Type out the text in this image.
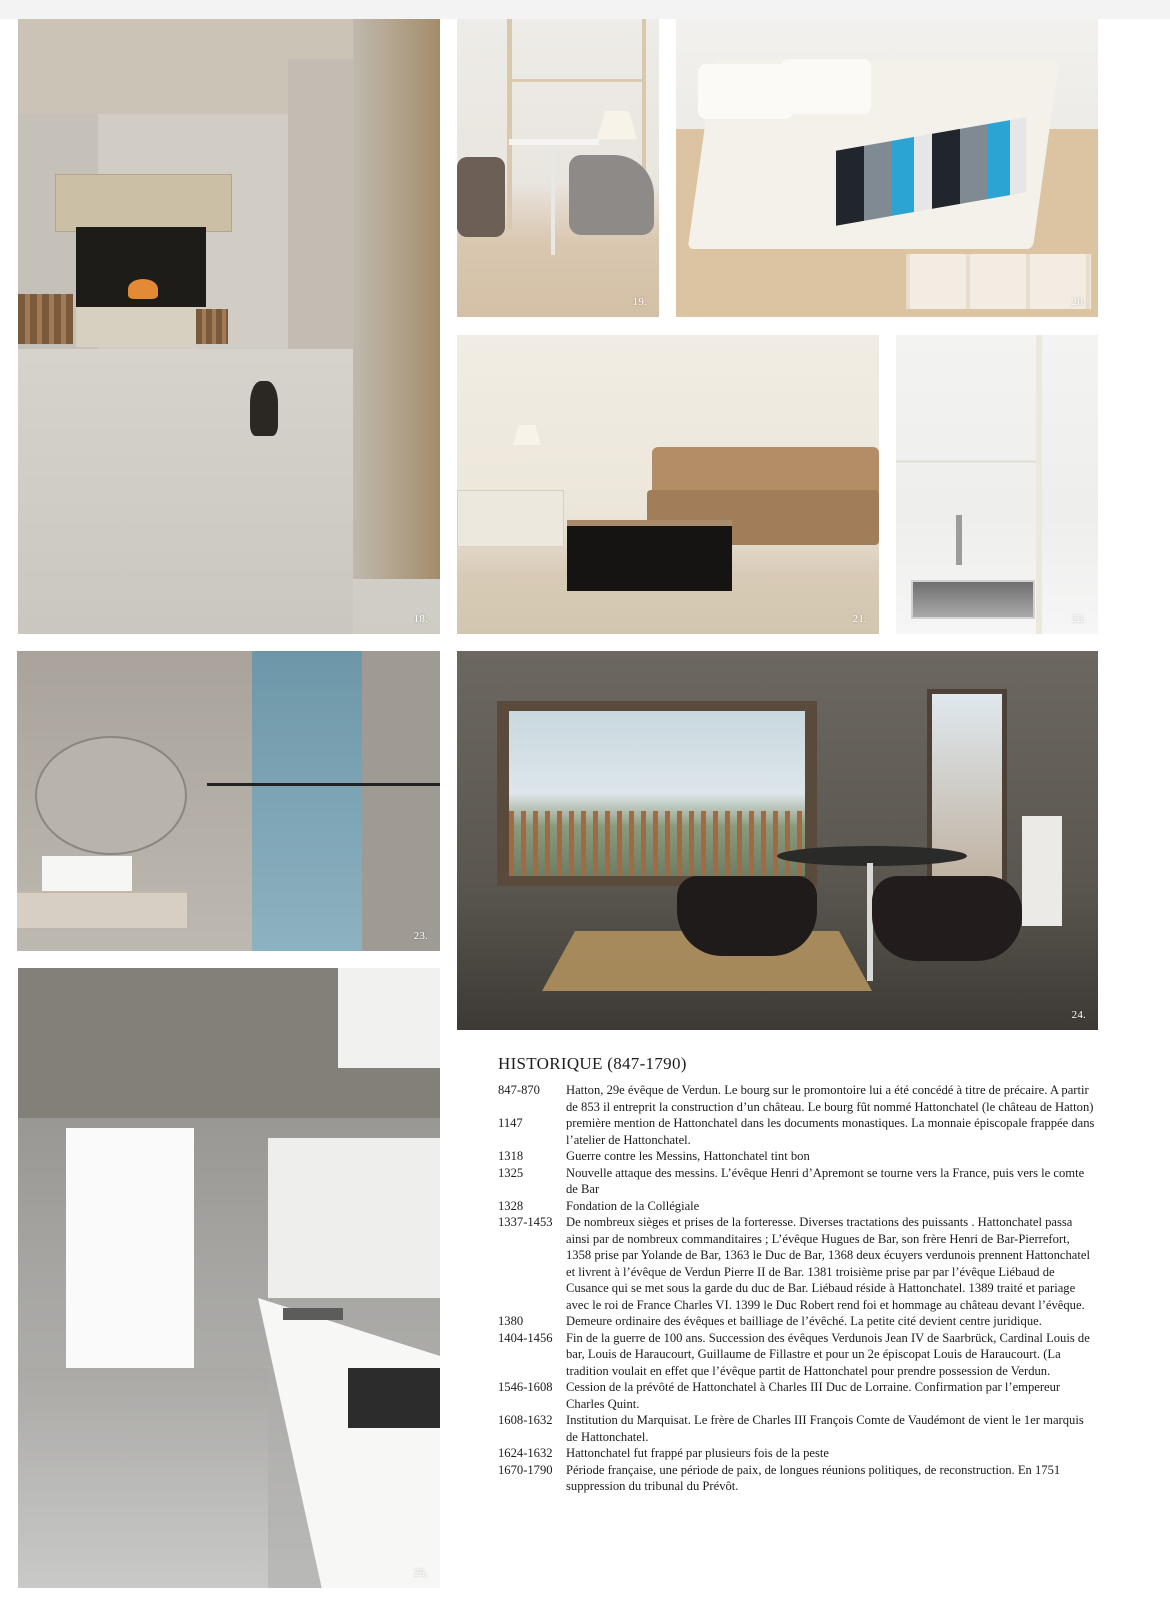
18.
19.	20.
21.	22.
23.
24.
25.
HISTORIQUE (847-1790)
847-870	Hatton, 29e évêque de Verdun. Le bourg sur le promontoire lui a été concédé à titre de précaire. A partir de 853 il entreprit la construction d’un château. Le bourg fût nommé Hattonchatel (le château de Hatton)
1147	première mention de Hattonchatel dans les documents monastiques. La monnaie épiscopale frappée dans l’atelier de Hattonchatel.
1318	Guerre contre les Messins, Hattonchatel tint bon
1325	Nouvelle attaque des messins. L’évêque Henri d’Apremont se tourne vers la France, puis vers le comte de Bar
1328	Fondation de la Collégiale
1337-1453	De nombreux sièges et prises de la forteresse. Diverses tractations des puissants . Hattonchatel passa ainsi par de nombreux commanditaires ; L’évêque Hugues de Bar, son frère Henri de Bar-Pierrefort, 1358 prise par Yolande de Bar, 1363 le Duc de Bar, 1368 deux écuyers verdunois prennent Hattonchatel et livrent à l’évêque de Verdun Pierre II de Bar. 1381 troisième prise par par l’évêque Liébaud de Cusance qui se met sous la garde du duc de Bar. Liébaud réside à Hattonchatel. 1389 traité et pariage avec le roi de France Charles VI. 1399 le Duc Robert rend foi et hommage au château devant l’évêque.
1380	Demeure ordinaire des évêques et bailliage de l’évêché. La petite cité devient centre juridique.
1404-1456	Fin de la guerre de 100 ans. Succession des évêques Verdunois Jean IV de Saarbrück, Cardinal Louis de bar, Louis de Haraucourt, Guillaume de Fillastre et pour un 2e épiscopat Louis de Haraucourt. (La tradition voulait en effet que l’évêque partit de Hattonchatel pour prendre possession de Verdun.
1546-1608	Cession de la prévôté de Hattonchatel à Charles III Duc de Lorraine. Confirmation par l’empereur Charles Quint.
1608-1632	Institution du Marquisat. Le frère de Charles III François Comte de Vaudémont de vient le 1er marquis de Hattonchatel.
1624-1632	Hattonchatel fut frappé par plusieurs fois de la peste
1670-1790	Période française, une période de paix, de longues réunions politiques, de reconstruction. En 1751 suppression du tribunal du Prévôt.
